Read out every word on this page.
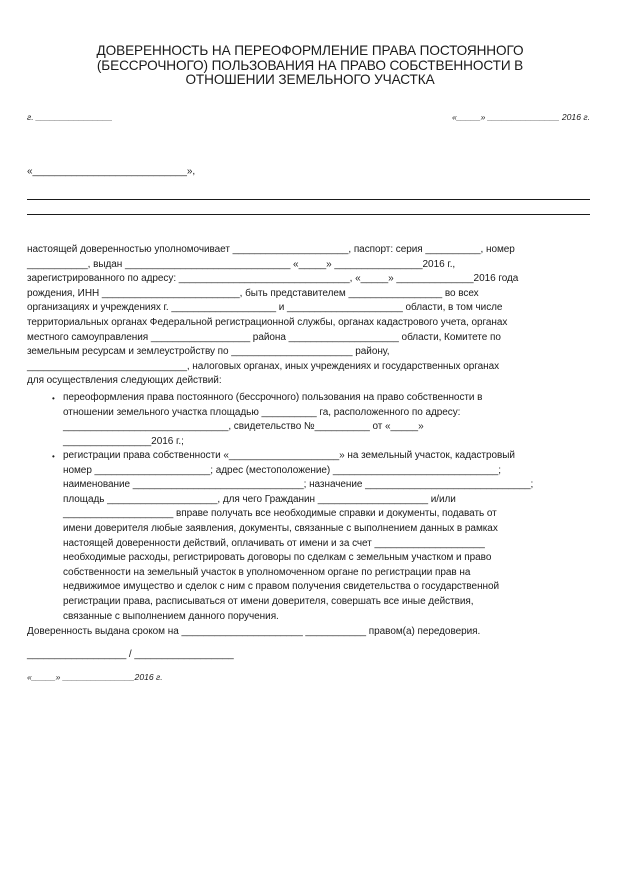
ДОВЕРЕННОСТЬ НА ПЕРЕОФОРМЛЕНИЕ ПРАВА ПОСТОЯННОГО
(БЕССРОЧНОГО) ПОЛЬЗОВАНИЯ НА ПРАВО СОБСТВЕННОСТИ В
ОТНОШЕНИИ ЗЕМЕЛЬНОГО УЧАСТКА
г. ________________	«_____» _______________ 2016 г.
«____________________________»,
настоящей доверенностью уполномочивает _____________________, паспорт: серия __________, номер
___________, выдан ______________________________ «_____» ________________2016 г.,
зарегистрированного по адресу: _______________________________, «_____» ______________2016 года
рождения, ИНН _________________________, быть представителем _________________ во всех
организациях и учреждениях г. ___________________ и _____________________ области, в том числе
территориальных органах Федеральной регистрационной службы, органах кадастрового учета, органах
местного самоуправления __________________ района ____________________ области, Комитете по
земельным ресурсам и землеустройству по ______________________ району,
_____________________________, налоговых органах, иных учреждениях и государственных органах
для осуществления следующих действий:
• переоформления права постоянного (бессрочного) пользования на право собственности в
отношении земельного участка площадью __________ га, расположенного по адресу:
______________________________, свидетельство №__________ от «_____»
________________2016 г.;
• регистрации права собственности «____________________» на земельный участок, кадастровый
номер _____________________; адрес (местоположение) ______________________________;
наименование _______________________________; назначение ______________________________;
площадь ____________________, для чего Гражданин ____________________ и/или
____________________ вправе получать все необходимые справки и документы, подавать от
имени доверителя любые заявления, документы, связанные с выполнением данных в рамках
настоящей доверенности действий, оплачивать от имени и за счет ____________________
необходимые расходы, регистрировать договоры по сделкам с земельным участком и право
собственности на земельный участок в уполномоченном органе по регистрации прав на
недвижимое имущество и сделок с ним с правом получения свидетельства о государственной
регистрации права, расписываться от имени доверителя, совершать все иные действия,
связанные с выполнением данного поручения.
Доверенность выдана сроком на ______________________ ___________ правом(а) передоверия.
__________________ / __________________
«_____» _______________2016 г.
